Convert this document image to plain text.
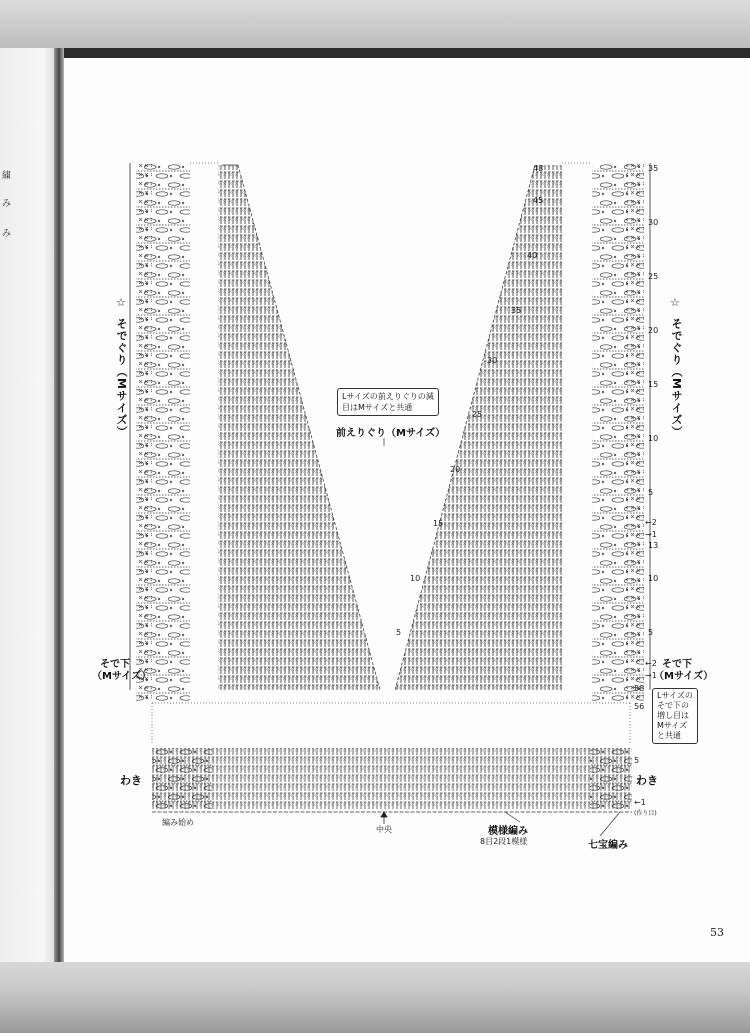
繍
み
み
☆
そでぐり（Mサイズ）
☆
そでぐり（Mサイズ）
Lサイズの前えりぐりの減
目はMサイズと共通
前えりぐり（Mサイズ）
そで下
（Mサイズ）
そで下
（Mサイズ）
Lサイズの
そで下の
増し目は
Mサイズ
と共通
わき	わき
編み始め
中央	模様編み
8目2段1模様	七宝編み
(作り目)
48
45
40
35
30
25
20
15
10
5
35
30
25
20
15
10
5
←2
→1
13
10
5
←2
→1
58
56
5
←1
53
